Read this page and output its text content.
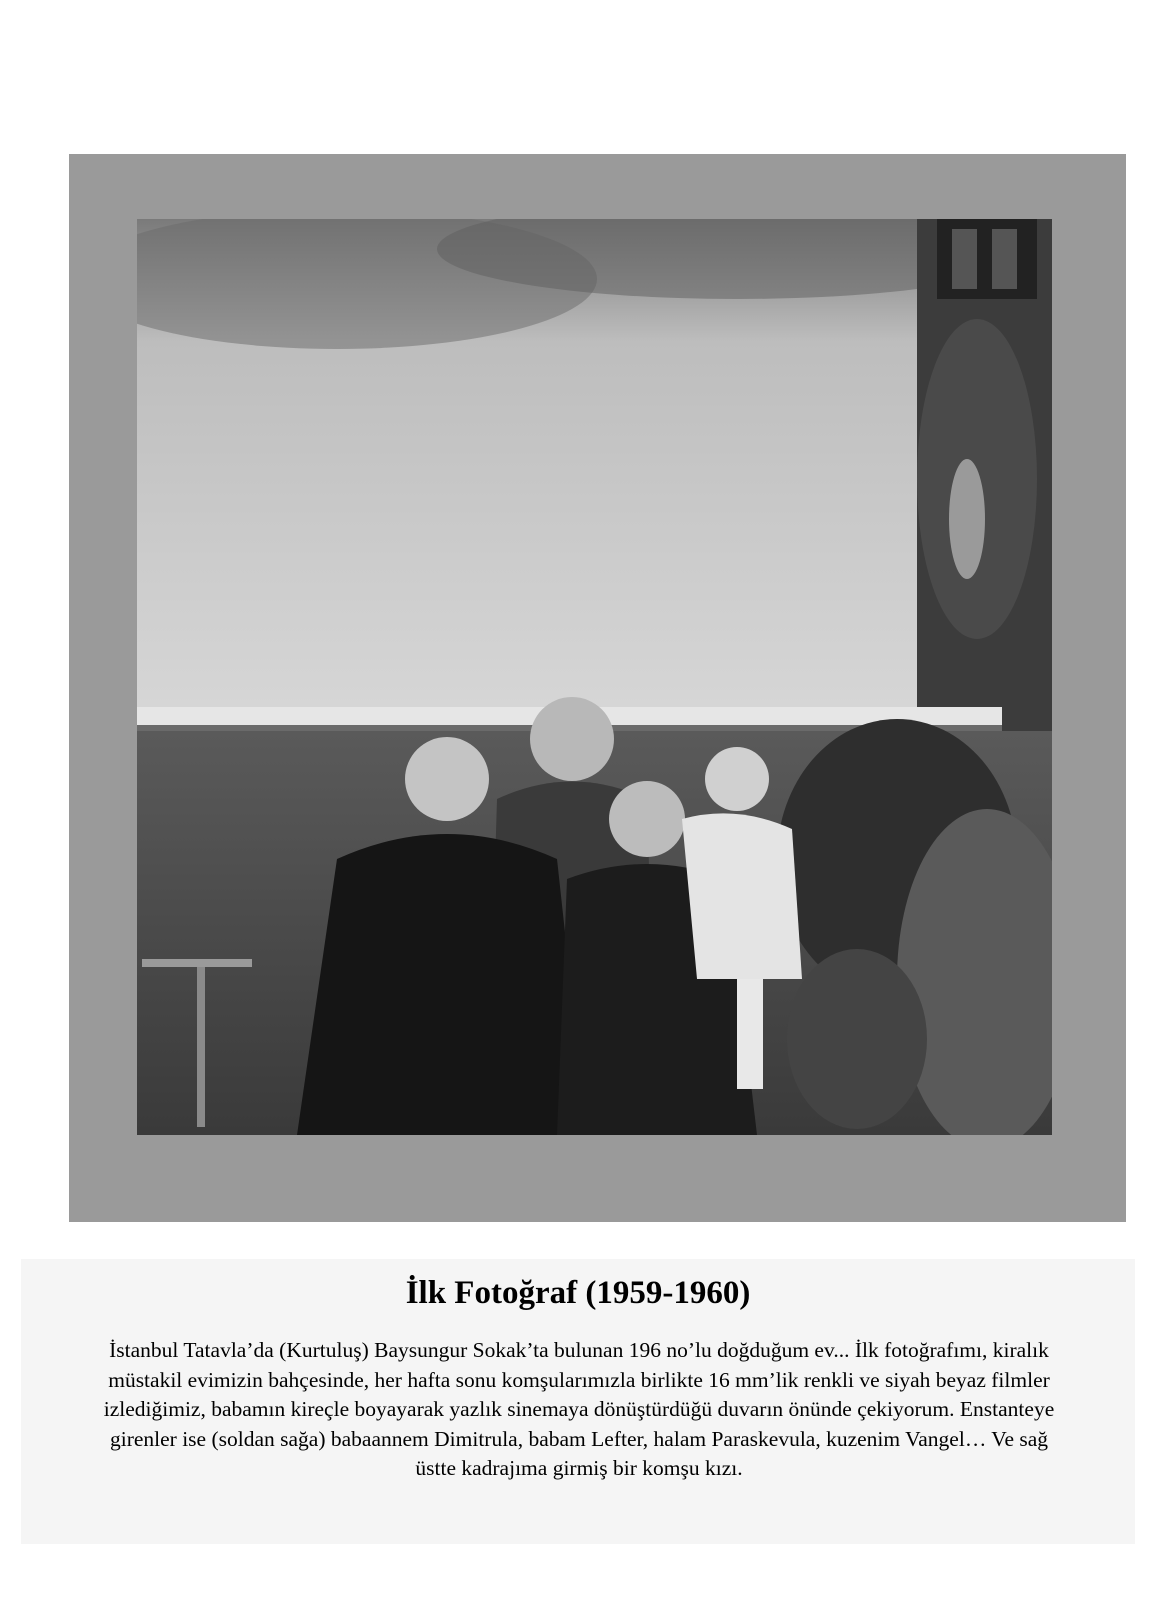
İlk Fotoğraf (1959-1960)
İstanbul Tatavla’da (Kurtuluş) Baysungur Sokak’ta bulunan 196 no’lu doğduğum ev... İlk fotoğrafımı, kiralık müstakil evimizin bahçesinde, her hafta sonu komşularımızla birlikte 16 mm’lik renkli ve siyah beyaz filmler izlediğimiz, babamın kireçle boyayarak yazlık sinemaya dönüştürdüğü duvarın önünde çekiyorum. Enstanteye girenler ise (soldan sağa) babaannem Dimitrula, babam Lefter, halam Paraskevula, kuzenim Vangel… Ve sağ üstte kadrajıma girmiş bir komşu kızı.
